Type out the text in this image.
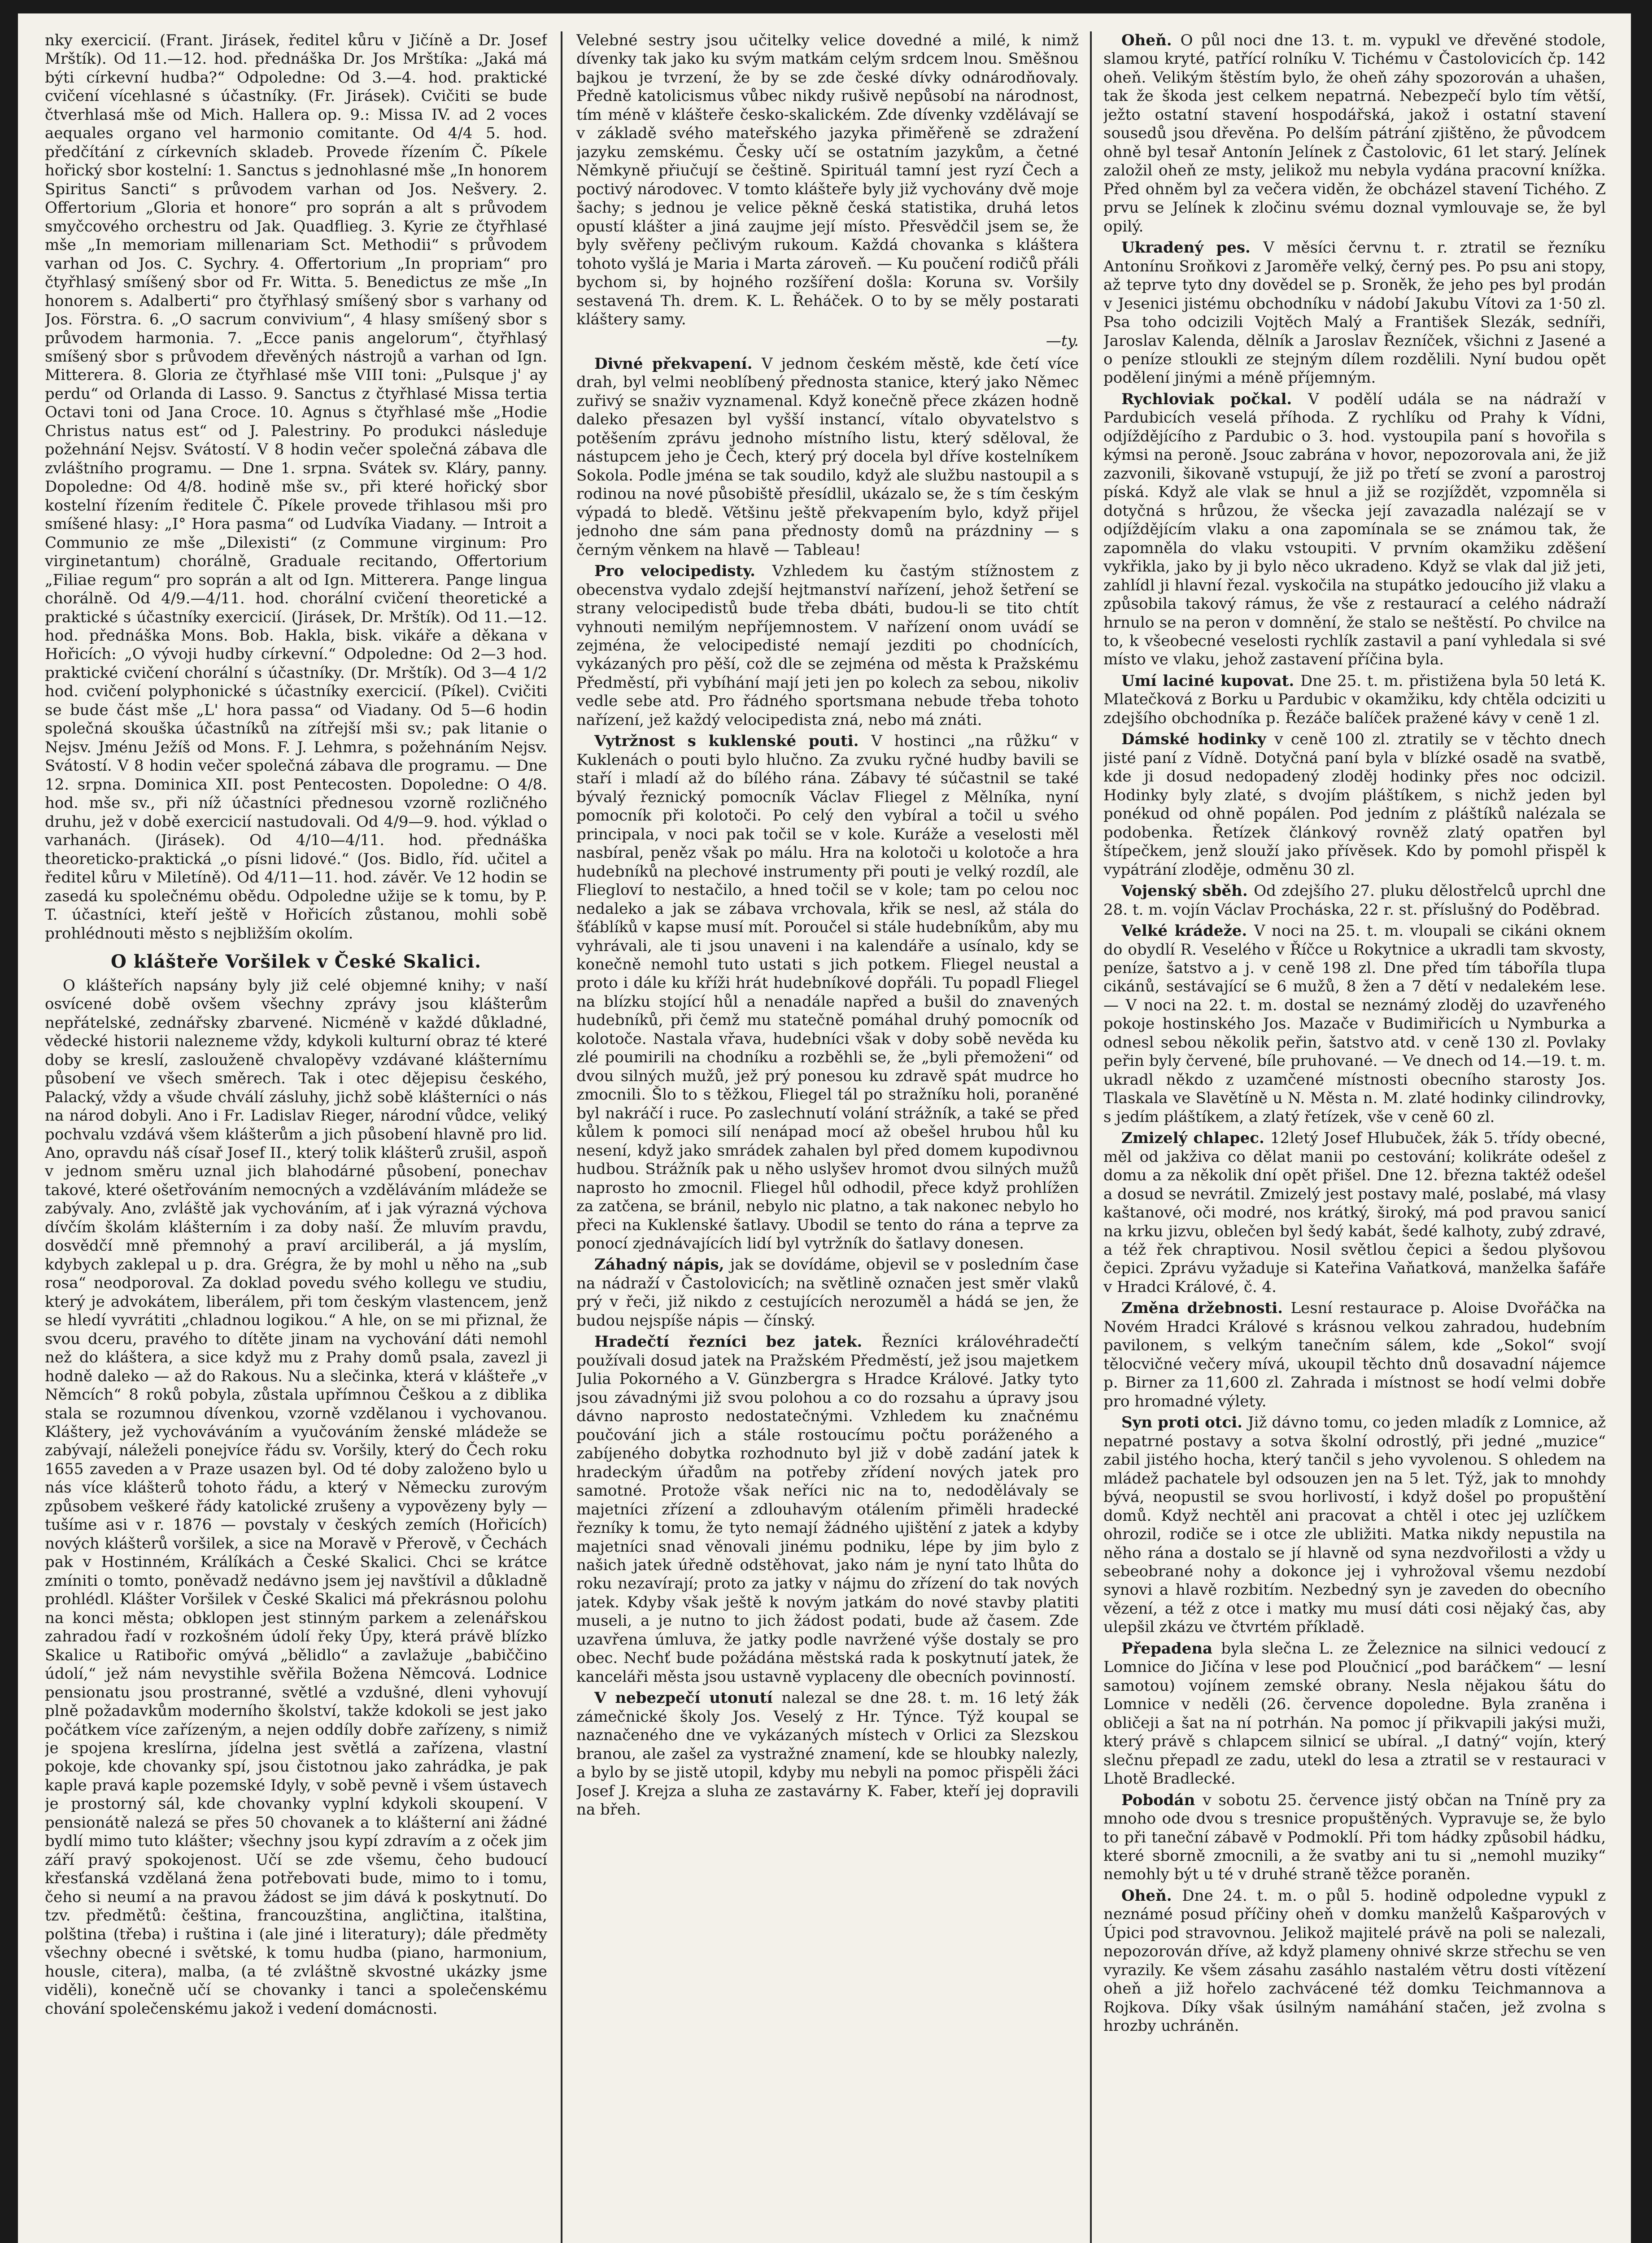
nky exercicií. (Frant. Jirásek, ředitel kůru v Jičíně a Dr. Josef Mrštík). Od 11.—12. hod. přednáška Dr. Jos Mrštíka: „Jaká má býti církevní hudba?“ Odpoledne: Od 3.—4. hod. praktické cvičení vícehlasné s účastníky. (Fr. Jirásek). Cvičiti se bude čtverhlasá mše od Mich. Hallera op. 9.: Missa IV. ad 2 voces aequales organo vel harmonio comitante. Od 4/4 5. hod. předčítání z církevních skladeb. Provede řízením Č. Píkele hořický sbor kostelní: 1. Sanctus s jednohlasné mše „In honorem Spiritus Sancti“ s průvodem varhan od Jos. Nešvery. 2. Offertorium „Gloria et honore“ pro soprán a alt s průvodem smyčcového orchestru od Jak. Quadflieg. 3. Kyrie ze čtyřhlasé mše „In memoriam millenariam Sct. Methodii“ s průvodem varhan od Jos. C. Sychry. 4. Offertorium „In propriam“ pro čtyřhlasý smíšený sbor od Fr. Witta. 5. Benedictus ze mše „In honorem s. Adalberti“ pro čtyřhlasý smíšený sbor s varhany od Jos. Förstra. 6. „O sacrum convivium“, 4 hlasy smíšený sbor s průvodem harmonia. 7. „Ecce panis angelorum“, čtyřhlasý smíšený sbor s průvodem dřevěných nástrojů a varhan od Ign. Mitterera. 8. Gloria ze čtyřhlasé mše VIII toni: „Pulsque j' ay perdu“ od Orlanda di Lasso. 9. Sanctus z čtyřhlasé Missa tertia Octavi toni od Jana Croce. 10. Agnus s čtyřhlasé mše „Hodie Christus natus est“ od J. Palestriny. Po produkci následuje požehnání Nejsv. Svátostí. V 8 hodin večer společná zábava dle zvláštního programu. — Dne 1. srpna. Svátek sv. Kláry, panny. Dopoledne: Od 4/8. hodině mše sv., při které hořický sbor kostelní řízením ředitele Č. Píkele provede třihlasou mši pro smíšené hlasy: „I° Hora pasma“ od Ludvíka Viadany. — Introit a Communio ze mše „Dilexisti“ (z Commune virginum: Pro virginetantum) chorálně, Graduale recitando, Offertorium „Filiae regum“ pro soprán a alt od Ign. Mitterera. Pange lingua chorálně. Od 4/9.—4/11. hod. chorální cvičení theoretické a praktické s účastníky exercicií. (Jirásek, Dr. Mrštík). Od 11.—12. hod. přednáška Mons. Bob. Hakla, bisk. vikáře a děkana v Hořicích: „O vývoji hudby církevní.“ Odpoledne: Od 2—3 hod. praktické cvičení chorální s účastníky. (Dr. Mrštík). Od 3—4 1/2 hod. cvičení polyphonické s účastníky exercicií. (Píkel). Cvičiti se bude část mše „L' hora passa“ od Viadany. Od 5—6 hodin společná skouška účastníků na zítřejší mši sv.; pak litanie o Nejsv. Jménu Ježíš od Mons. F. J. Lehmra, s požehnáním Nejsv. Svátostí. V 8 hodin večer společná zábava dle programu. — Dne 12. srpna. Dominica XII. post Pentecosten. Dopoledne: O 4/8. hod. mše sv., při níž účastníci přednesou vzorně rozličného druhu, jež v době exercicií nastudovali. Od 4/9—9. hod. výklad o varhanách. (Jirásek). Od 4/10—4/11. hod. přednáška theoreticko-praktická „o písni lidové.“ (Jos. Bidlo, říd. učitel a ředitel kůru v Miletíně). Od 4/11—11. hod. závěr. Ve 12 hodin se zasedá ku společnému obědu. Odpoledne užije se k tomu, by P. T. účastníci, kteří ještě v Hořicích zůstanou, mohli sobě prohlédnouti město s nejbližším okolím.

O klášteře Voršilek v České Skalici.

O klášteřích napsány byly již celé objemné knihy; v naší osvícené době ovšem všechny zprávy jsou klášterům nepřátelské, zednářsky zbarvené. Nicméně v každé důkladné, vědecké historii nalezneme vždy, kdykoli kulturní obraz té které doby se kreslí, zaslouženě chvalopěvy vzdávané klášternímu působení ve všech směrech. Tak i otec dějepisu českého, Palacký, vždy a všude chválí zásluhy, jichž sobě klášterníci o nás na národ dobyli. Ano i Fr. Ladislav Rieger, národní vůdce, veliký pochvalu vzdává všem klášterům a jich působení hlavně pro lid. Ano, opravdu náš císař Josef II., který tolik klášterů zrušil, aspoň v jednom směru uznal jich blahodárné působení, ponechav takové, které ošetřováním nemocných a vzděláváním mládeže se zabývaly. Ano, zvláště jak vychováním, ať i jak výrazná výchova dívčím školám klášterním i za doby naší. Že mluvím pravdu, dosvědčí mně přemnohý a praví arciliberál, a já myslím, kdybych zaklepal u p. dra. Grégra, že by mohl u něho na „sub rosa“ neodporoval. Za doklad povedu svého kollegu ve studiu, který je advokátem, liberálem, při tom českým vlastencem, jenž se hledí vyvrátiti „chladnou logikou.“ A hle, on se mi přiznal, že svou dceru, pravého to dítěte jinam na vychování dáti nemohl než do kláštera, a sice když mu z Prahy domů psala, zavezl ji hodně daleko — až do Rakous. Nu a slečinka, která v klášteře „v Němcích“ 8 roků pobyla, zůstala upřímnou Češkou a z diblika stala se rozumnou dívenkou, vzorně vzdělanou i vychovanou. Kláštery, jež vychováváním a vyučováním ženské mládeže se zabývají, náleželi ponejvíce řádu sv. Voršily, který do Čech roku 1655 zaveden a v Praze usazen byl. Od té doby založeno bylo u nás více klášterů tohoto řádu, a který v Německu zurovým způsobem veškeré řády katolické zrušeny a vypovězeny byly — tušíme asi v r. 1876 — povstaly v českých zemích (Hořicích) nových klášterů voršilek, a sice na Moravě v Přerově, v Čechách pak v Hostinném, Králíkách a České Skalici. Chci se krátce zmíniti o tomto, poněvadž nedávno jsem jej navštívil a důkladně prohlédl. Klášter Voršilek v České Skalici má překrásnou polohu na konci města; obklopen jest stinným parkem a zelenářskou zahradou řadí v rozkošném údolí řeky Úpy, která právě blízko Skalice u Ratibořic omývá „bělidlo“ a zavlažuje „babiččino údolí,“ jež nám nevystihle svěřila Božena Němcová. Lodnice pensionatu jsou prostranné, světlé a vzdušné, dleni vyhovují plně požadavkům moderního školství, takže kdokoli se jest jako počátkem více zařízeným, a nejen oddíly dobře zařízeny, s nimiž je spojena kreslírna, jídelna jest světlá a zařízena, vlastní pokoje, kde chovanky spí, jsou čistotnou jako zahrádka, je pak kaple pravá kaple pozemské Idyly, v sobě pevně i všem ústavech je prostorný sál, kde chovanky vyplní kdykoli skoupení. V pensionátě nalezá se přes 50 chovanek a to klášterní ani žádné bydlí mimo tuto klášter; všechny jsou kypí zdravím a z oček jim září pravý spokojenost. Učí se zde všemu, čeho budoucí křesťanská vzdělaná žena potřebovati bude, mimo to i tomu, čeho si neumí a na pravou žádost se jim dává k poskytnutí. Do tzv. předmětů: čeština, francouzština, angličtina, italština, polština (třeba) i ruština i (ale jiné i literatury); dále předměty všechny obecné i světské, k tomu hudba (piano, harmonium, housle, citera), malba, (a té zvláštně skvostné ukázky jsme viděli), konečně učí se chovanky i tanci a společenskému chování společenskému jakož i vedení domácnosti.

Velebné sestry jsou učitelky velice dovedné a milé, k nimž dívenky tak jako ku svým matkám celým srdcem lnou. Směšnou bajkou je tvrzení, že by se zde české dívky odnárodňovaly. Předně katolicismus vůbec nikdy rušivě nepůsobí na národnost, tím méně v klášteře česko-skalickém. Zde dívenky vzdělávají se v základě svého mateřského jazyka přiměřeně se zdražení jazyku zemskému. Česky učí se ostatním jazykům, a četné Němkyně přiučují se češtině. Spirituál tamní jest ryzí Čech a poctivý národovec. V tomto klášteře byly již vychovány dvě moje šachy; s jednou je velice pěkně česká statistika, druhá letos opustí klášter a jiná zaujme její místo. Přesvědčil jsem se, že byly svěřeny pečlivým rukoum. Každá chovanka s kláštera tohoto vyšlá je Maria i Marta zároveň. — Ku poučení rodičů přáli bychom si, by hojného rozšíření došla: Koruna sv. Voršily sestavená Th. drem. K. L. Řeháček. O to by se měly postarati kláštery samy.

—ty.
Divné překvapení. V jednom českém městě, kde četí více drah, byl velmi neoblíbený přednosta stanice, který jako Němec zuřivý se snaživ vyznamenal. Když konečně přece zkázen hodně daleko přesazen byl vyšší instancí, vítalo obyvatelstvo s potěšením zprávu jednoho místního listu, který sděloval, že nástupcem jeho je Čech, který prý docela byl dříve kostelníkem Sokola. Podle jména se tak soudilo, když ale službu nastoupil a s rodinou na nové působiště přesídlil, ukázalo se, že s tím českým výpadá to bledě. Většinu ještě překvapením bylo, když přijel jednoho dne sám pana přednosty domů na prázdniny — s černým věnkem na hlavě — Tableau!
Pro velocipedisty. Vzhledem ku častým stížnostem z obecenstva vydalo zdejší hejtmanství nařízení, jehož šetření se strany velocipedistů bude třeba dbáti, budou-li se tito chtít vyhnouti nemilým nepříjemnostem. V nařízení onom uvádí se zejména, že velocipedisté nemají jezditi po chodnících, vykázaných pro pěší, což dle se zejména od města k Pražskému Předměstí, při vybíhání mají jeti jen po kolech za sebou, nikoliv vedle sebe atd. Pro řádného sportsmana nebude třeba tohoto nařízení, jež každý velocipedista zná, nebo má znáti.
Vytržnost s kuklenské pouti. V hostinci „na růžku“ v Kuklenách o pouti bylo hlučno. Za zvuku ryčné hudby bavili se staří i mladí až do bílého rána. Zábavy té súčastnil se také bývalý řeznický pomocník Václav Fliegel z Mělníka, nyní pomocník při kolotoči. Po celý den vybíral a točil u svého principala, v noci pak točil se v kole. Kuráže a veselosti měl nasbíral, peněz však po málu. Hra na kolotoči u kolotoče a hra hudebníků na plechové instrumenty při pouti je velký rozdíl, ale Fliegloví to nestačilo, a hned točil se v kole; tam po celou noc nedaleko a jak se zábava vrchovala, křik se nesl, až stála do šťáblíků v kapse musí mít. Poroučel si stále hudebníkům, aby mu vyhrávali, ale ti jsou unaveni i na kalendáře a usínalo, kdy se konečně nemohl tuto ustati s jich potkem. Fliegel neustal a proto i dále ku kříži hrát hudebníkové dopřáli. Tu popadl Fliegel na blízku stojící hůl a nenadále napřed a bušil do znavených hudebníků, při čemž mu statečně pomáhal druhý pomocník od kolotoče. Nastala vřava, hudebníci však v doby sobě nevěda ku zlé poumirili na chodníku a rozběhli se, že „byli přemoženi“ od dvou silných mužů, jež prý ponesou ku zdravě spát mudrce ho zmocnili. Šlo to s těžkou, Fliegel tál po stražníku holi, poraněné byl nakráčí i ruce. Po zaslechnutí volání strážník, a také se před kůlem k pomoci silí nenápad mocí až obešel hrubou hůl ku nesení, když jako smrádek zahalen byl před domem kupodivnou hudbou. Strážník pak u něho uslyšev hromot dvou silných mužů naprosto ho zmocnil. Fliegel hůl odhodil, přece když prohlížen za zatčena, se bránil, nebylo nic platno, a tak nakonec nebylo ho přeci na Kuklenské šatlavy. Ubodil se tento do rána a teprve za ponocí zjednávajících lidí byl vytržník do šatlavy donesen.
Záhadný nápis, jak se dovídáme, objevil se v posledním čase na nádraží v Častolovicích; na světlině označen jest směr vlaků prý v řeči, již nikdo z cestujících nerozuměl a hádá se jen, že budou nejspíše nápis — čínský.
Hradečtí řezníci bez jatek. Řezníci královéhradečtí používali dosud jatek na Pražském Předměstí, jež jsou majetkem Julia Pokorného a V. Günzbergra s Hradce Králové. Jatky tyto jsou závadnými již svou polohou a co do rozsahu a úpravy jsou dávno naprosto nedostatečnými. Vzhledem ku značnému poučování jich a stále rostoucímu počtu poráženého a zabíjeného dobytka rozhodnuto byl již v době zadání jatek k hradeckým úřadům na potřeby zřídení nových jatek pro samotné. Protože však neříci nic na to, nedodělávaly se majetníci zřízení a zdlouhavým otálením přiměli hradecké řezníky k tomu, že tyto nemají žádného ujištění z jatek a kdyby majetníci snad věnovali jinému podniku, lépe by jim bylo z našich jatek úředně odstěhovat, jako nám je nyní tato lhůta do roku nezavírají; proto za jatky v nájmu do zřízení do tak nových jatek. Kdyby však ještě k novým jatkám do nové stavby platiti museli, a je nutno to jich žádost podati, bude až časem. Zde uzavřena úmluva, že jatky podle navržené výše dostaly se pro obec. Nechť bude požádána městská rada k poskytnutí jatek, že kanceláři města jsou ustavně vyplaceny dle obecních povinností.
V nebezpečí utonutí nalezal se dne 28. t. m. 16 letý žák zámečnické školy Jos. Veselý z Hr. Týnce. Týž koupal se naznačeného dne ve vykázaných místech v Orlici za Slezskou branou, ale zašel za vystražné znamení, kde se hloubky nalezly, a bylo by se jistě utopil, kdyby mu nebyli na pomoc přispěli žáci Josef J. Krejza a sluha ze zastavárny K. Faber, kteří jej dopravili na břeh.
Oheň. O půl noci dne 13. t. m. vypukl ve dřevěné stodole, slamou kryté, patřící rolníku V. Tichému v Častolovicích čp. 142 oheň. Velikým štěstím bylo, že oheň záhy spozorován a uhašen, tak že škoda jest celkem nepatrná. Nebezpečí bylo tím větší, ježto ostatní stavení hospodářská, jakož i ostatní stavení sousedů jsou dřevěna. Po delším pátrání zjištěno, že původcem ohně byl tesař Antonín Jelínek z Častolovic, 61 let starý. Jelínek založil oheň ze msty, jelikož mu nebyla vydána pracovní knížka. Před ohněm byl za večera viděn, že obcházel stavení Tichého. Z prvu se Jelínek k zločinu svému doznal vymlouvaje se, že byl opilý.
Ukradený pes. V měsíci červnu t. r. ztratil se řezníku Antonínu Sroňkovi z Jaroměře velký, černý pes. Po psu ani stopy, až teprve tyto dny dovědel se p. Sroněk, že jeho pes byl prodán v Jesenici jistému obchodníku v nádobí Jakubu Vítovi za 1·50 zl. Psa toho odcizili Vojtěch Malý a František Slezák, sedníři, Jaroslav Kalenda, dělník a Jaroslav Řezníček, všichni z Jasené a o peníze stloukli ze stejným dílem rozdělili. Nyní budou opět podělení jinými a méně příjemným.
Rychloviak počkal. V podělí udála se na nádraží v Pardubicích veselá příhoda. Z rychlíku od Prahy k Vídni, odjíždějícího z Pardubic o 3. hod. vystoupila paní s hovořila s kýmsi na peroně. Jsouc zabrána v hovor, nepozorovala ani, že již zazvonili, šikovaně vstupují, že již po třetí se zvoní a parostroj píská. Když ale vlak se hnul a již se rozjíždět, vzpomněla si dotyčná s hrůzou, že všecka její zavazadla nalézají se v odjíždějícím vlaku a ona zapomínala se se známou tak, že zapomněla do vlaku vstoupiti. V prvním okamžiku zděšení vykřikla, jako by ji bylo něco ukradeno. Když se vlak dal již jeti, zahlídl ji hlavní řezal. vyskočila na stupátko jedoucího již vlaku a způsobila takový rámus, že vše z restaurací a celého nádraží hrnulo se na peron v domnění, že stalo se neštěstí. Po chvilce na to, k všeobecné veselosti rychlík zastavil a paní vyhledala si své místo ve vlaku, jehož zastavení příčina byla.
Umí laciné kupovat. Dne 25. t. m. přistižena byla 50 letá K. Mlatečková z Borku u Pardubic v okamžiku, kdy chtěla odciziti u zdejšího obchodníka p. Řezáče balíček pražené kávy v ceně 1 zl.
Dámské hodinky v ceně 100 zl. ztratily se v těchto dnech jisté paní z Vídně. Dotyčná paní byla v blízké osadě na svatbě, kde ji dosud nedopadený zloděj hodinky přes noc odcizil. Hodinky byly zlaté, s dvojím pláštíkem, s nichž jeden byl ponékud od ohně popálen. Pod jedním z pláštíků nalézala se podobenka. Řetízek článkový rovněž zlatý opatřen byl štípečkem, jenž slouží jako přívěsek. Kdo by pomohl přispěl k vypátrání zloděje, odměnu 30 zl.
Vojenský sběh. Od zdejšího 27. pluku dělostřelců uprchl dne 28. t. m. vojín Václav Procháska, 22 r. st. příslušný do Poděbrad.
Velké krádeže. V noci na 25. t. m. vloupali se cikáni oknem do obydlí R. Veselého v Říčce u Rokytnice a ukradli tam skvosty, peníze, šatstvo a j. v ceně 198 zl. Dne před tím táboříla tlupa cikánů, sestávající se 6 mužů, 8 žen a 7 dětí v nedalekém lese. — V noci na 22. t. m. dostal se neznámý zloděj do uzavřeného pokoje hostinského Jos. Mazače v Budimiřicích u Nymburka a odnesl sebou několik peřin, šatstvo atd. v ceně 130 zl. Povlaky peřin byly červené, bíle pruhované. — Ve dnech od 14.—19. t. m. ukradl někdo z uzamčené místnosti obecního starosty Jos. Tlaskala ve Slavětíně u N. Města n. M. zlaté hodinky cilindrovky, s jedím pláštíkem, a zlatý řetízek, vše v ceně 60 zl.
Zmizelý chlapec. 12letý Josef Hlubuček, žák 5. třídy obecné, měl od jakživa co dělat manii po cestování; kolikráte odešel z domu a za několik dní opět přišel. Dne 12. března taktéž odešel a dosud se nevrátil. Zmizelý jest postavy malé, poslabé, má vlasy kaštanové, oči modré, nos krátký, široký, má pod pravou sanicí na krku jizvu, oblečen byl šedý kabát, šedé kalhoty, zubý zdravé, a též řek chraptivou. Nosil světlou čepici a šedou plyšovou čepici. Zprávu vyžaduje si Kateřina Vaňatková, manželka šafáře v Hradci Králové, č. 4.
Změna držebnosti. Lesní restaurace p. Aloise Dvořáčka na Novém Hradci Králové s krásnou velkou zahradou, hudebním pavilonem, s velkým tanečním sálem, kde „Sokol“ svojí tělocvičné večery mívá, ukoupil těchto dnů dosavadní nájemce p. Birner za 11,600 zl. Zahrada i místnost se hodí velmi dobře pro hromadné výlety.
Syn proti otci. Již dávno tomu, co jeden mladík z Lomnice, až nepatrné postavy a sotva školní odrostlý, při jedné „muzice“ zabil jistého hocha, který tančil s jeho vyvolenou. S ohledem na mládež pachatele byl odsouzen jen na 5 let. Týž, jak to mnohdy bývá, neopustil se svou horlivostí, i když došel po propuštění domů. Když nechtěl ani pracovat a chtěl i otec jej uzlíčkem ohrozil, rodiče se i otce zle ubližiti. Matka nikdy nepustila na něho rána a dostalo se jí hlavně od syna nezdvořilosti a vždy u sebeobrané nohy a dokonce jej i vyhrožoval všemu nezdobí synovi a hlavě rozbitím. Nezbedný syn je zaveden do obecního vězení, a též z otce i matky mu musí dáti cosi nějaký čas, aby ulepšil zkázu ve čtvrtém příkladě.
Přepadena byla slečna L. ze Železnice na silnici vedoucí z Lomnice do Jičína v lese pod Ploučnicí „pod baráčkem“ — lesní samotou) vojínem zemské obrany. Nesla nějakou šátu do Lomnice v neděli (26. července dopoledne. Byla zraněna i obličeji a šat na ní potrhán. Na pomoc jí přikvapili jakýsi muži, který právě s chlapcem silnicí se ubíral. „I datný“ vojín, který slečnu přepadl ze zadu, utekl do lesa a ztratil se v restauraci v Lhotě Bradlecké.
Pobodán v sobotu 25. července jistý občan na Tníně pry za mnoho ode dvou s tresnice propuštěných. Vypravuje se, že bylo to při taneční zábavě v Podmoklí. Při tom hádky způsobil hádku, které sborně zmocnili, a že svatby ani tu si „nemohl muziky“ nemohly být u té v druhé straně těžce poraněn.
Oheň. Dne 24. t. m. o půl 5. hodině odpoledne vypukl z neznámé posud příčiny oheň v domku manželů Kašparových v Úpici pod stravovnou. Jelikož majitelé právě na poli se nalezali, nepozorován dříve, až když plameny ohnivé skrze střechu se ven vyrazily. Ke všem zásahu zasáhlo nastalém větru dosti vítězení oheň a již hořelo zachvácené též domku Teichmannova a Rojkova. Díky však úsilným namáhání stačen, jež zvolna s hrozby uchráněn.
